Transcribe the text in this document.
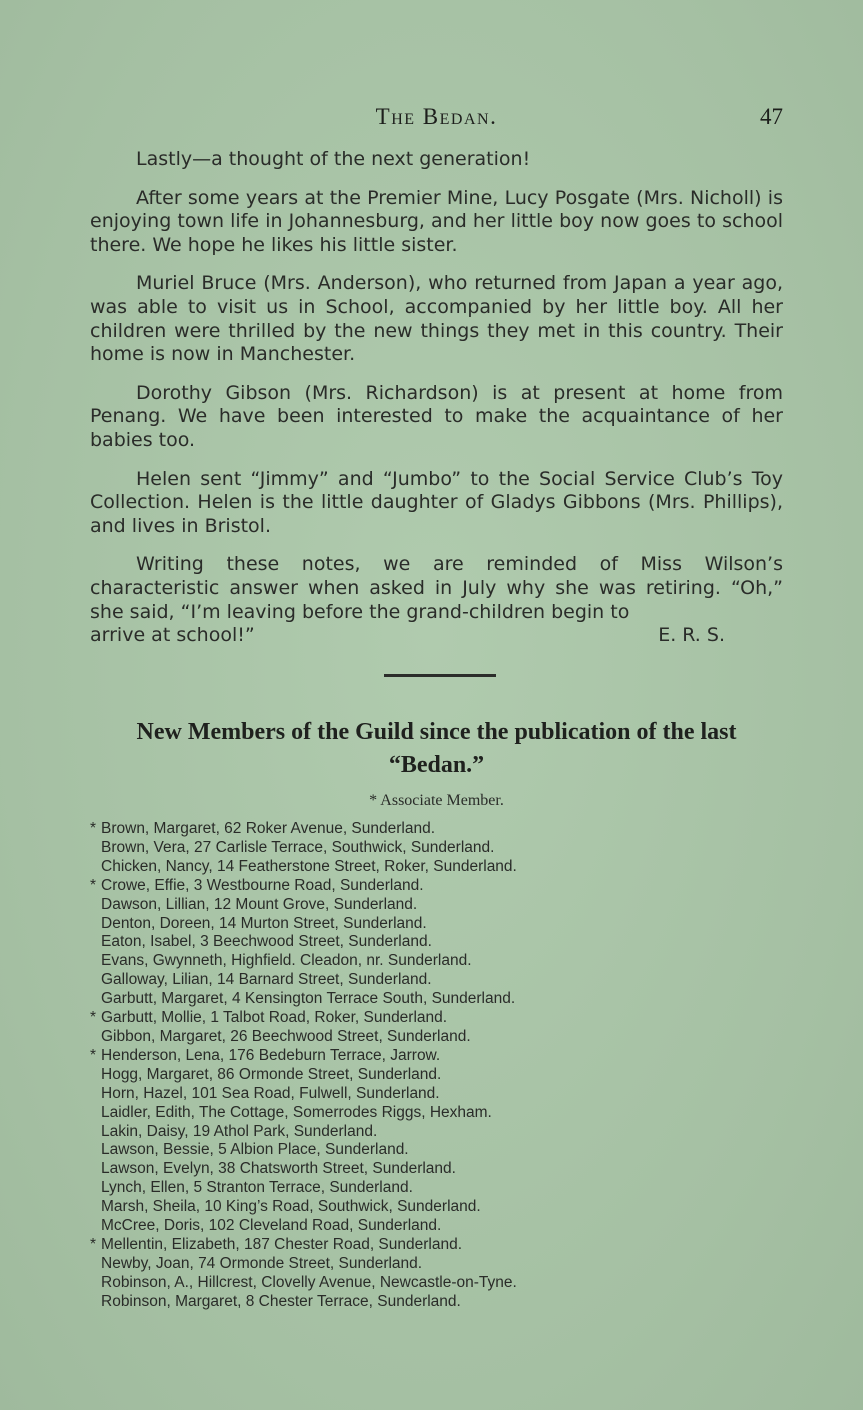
The Bedan.	47

Lastly—a thought of the next generation!

After some years at the Premier Mine, Lucy Posgate (Mrs. Nicholl) is enjoying town life in Johannesburg, and her little boy now goes to school there. We hope he likes his little sister.

Muriel Bruce (Mrs. Anderson), who returned from Japan a year ago, was able to visit us in School, accompanied by her little boy. All her children were thrilled by the new things they met in this country. Their home is now in Manchester.

Dorothy Gibson (Mrs. Richardson) is at present at home from Penang. We have been interested to make the acquaintance of her babies too.

Helen sent “Jimmy” and “Jumbo” to the Social Service Club’s Toy Collection. Helen is the little daughter of Gladys Gibbons (Mrs. Phillips), and lives in Bristol.

Writing these notes, we are reminded of Miss Wilson’s characteristic answer when asked in July why she was retiring. “Oh,” she said, “I’m leaving before the grand-children begin to

arrive at school!”	E. R. S.
New Members of the Guild since the publication of the last “Bedan.”
* Associate Member.
* Brown, Margaret, 62 Roker Avenue, Sunderland.
Brown, Vera, 27 Carlisle Terrace, Southwick, Sunderland.
Chicken, Nancy, 14 Featherstone Street, Roker, Sunderland.
* Crowe, Effie, 3 Westbourne Road, Sunderland.
Dawson, Lillian, 12 Mount Grove, Sunderland.
Denton, Doreen, 14 Murton Street, Sunderland.
Eaton, Isabel, 3 Beechwood Street, Sunderland.
Evans, Gwynneth, Highfield. Cleadon, nr. Sunderland.
Galloway, Lilian, 14 Barnard Street, Sunderland.
Garbutt, Margaret, 4 Kensington Terrace South, Sunderland.
* Garbutt, Mollie, 1 Talbot Road, Roker, Sunderland.
Gibbon, Margaret, 26 Beechwood Street, Sunderland.
* Henderson, Lena, 176 Bedeburn Terrace, Jarrow.
Hogg, Margaret, 86 Ormonde Street, Sunderland.
Horn, Hazel, 101 Sea Road, Fulwell, Sunderland.
Laidler, Edith, The Cottage, Somerrodes Riggs, Hexham.
Lakin, Daisy, 19 Athol Park, Sunderland.
Lawson, Bessie, 5 Albion Place, Sunderland.
Lawson, Evelyn, 38 Chatsworth Street, Sunderland.
Lynch, Ellen, 5 Stranton Terrace, Sunderland.
Marsh, Sheila, 10 King’s Road, Southwick, Sunderland.
McCree, Doris, 102 Cleveland Road, Sunderland.
* Mellentin, Elizabeth, 187 Chester Road, Sunderland.
Newby, Joan, 74 Ormonde Street, Sunderland.
Robinson, A., Hillcrest, Clovelly Avenue, Newcastle-on-Tyne.
Robinson, Margaret, 8 Chester Terrace, Sunderland.
